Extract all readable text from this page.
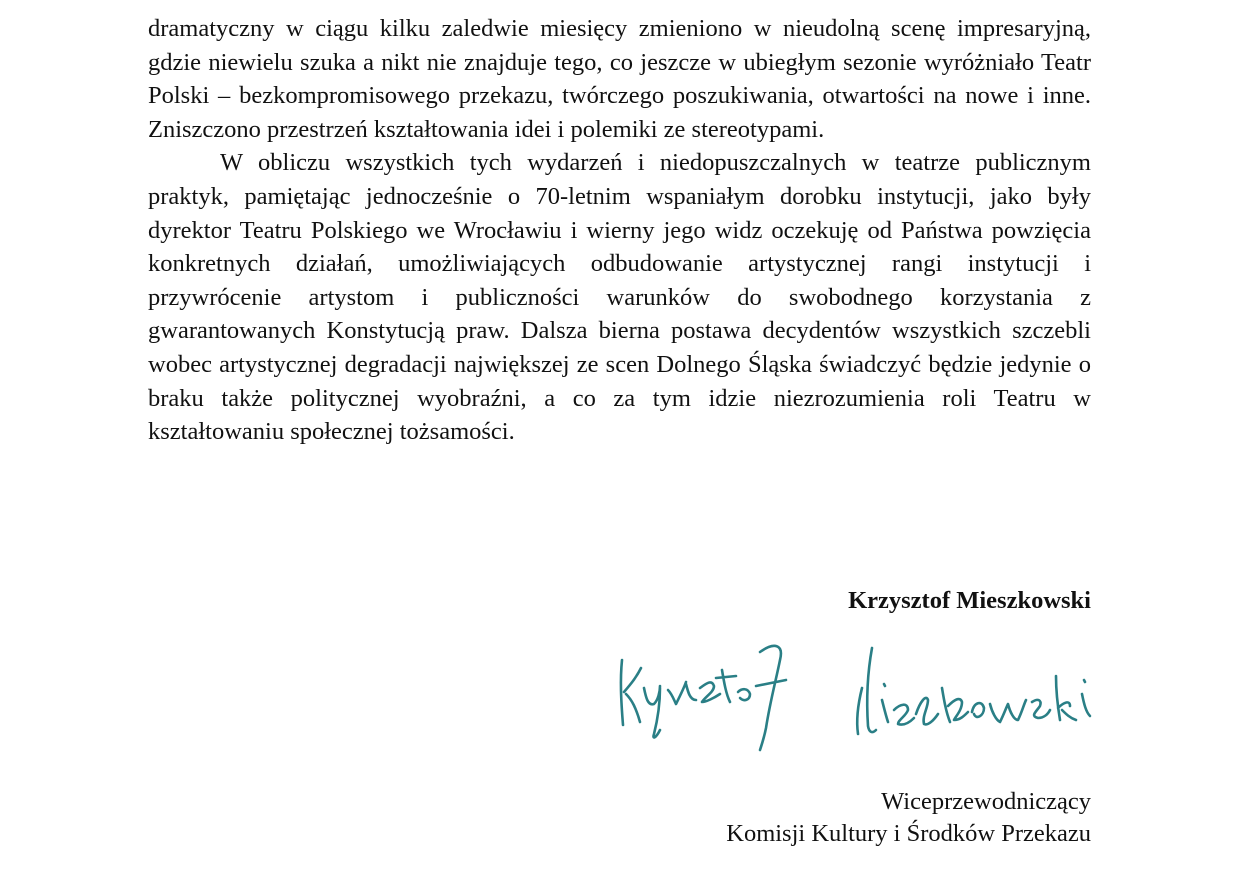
dramatyczny w ciągu kilku zaledwie miesięcy zmieniono w nieudolną scenę impresaryjną, gdzie niewielu szuka a nikt nie znajduje tego, co jeszcze w ubiegłym sezonie wyróżniało Teatr Polski – bezkompromisowego przekazu, twórczego poszukiwania, otwartości na nowe i inne. Zniszczono przestrzeń kształtowania idei i polemiki ze stereotypami.

W obliczu wszystkich tych wydarzeń i niedopuszczalnych w teatrze publicznym praktyk, pamiętając jednocześnie o 70-letnim wspaniałym dorobku instytucji, jako były dyrektor Teatru Polskiego we Wrocławiu i wierny jego widz oczekuję od Państwa powzięcia konkretnych działań, umożliwiających odbudowanie artystycznej rangi instytucji i przywrócenie artystom i publiczności warunków do swobodnego korzystania z gwarantowanych Konstytucją praw. Dalsza bierna postawa decydentów wszystkich szczebli wobec artystycznej degradacji największej ze scen Dolnego Śląska świadczyć będzie jedynie o braku także politycznej wyobraźni, a co za tym idzie niezrozumienia roli Teatru w kształtowaniu społecznej tożsamości.

Krzysztof Mieszkowski
Wiceprzewodniczący
Komisji Kultury i Środków Przekazu
